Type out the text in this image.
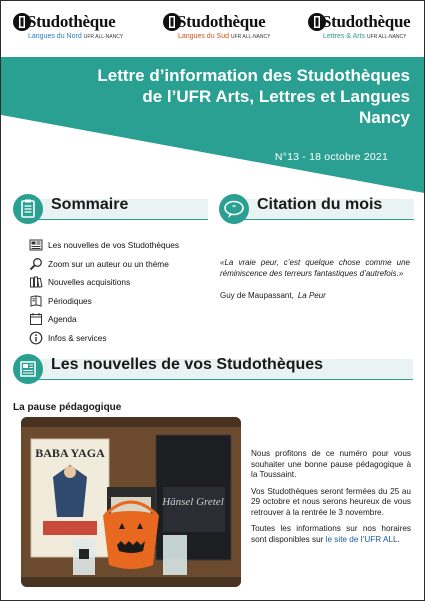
Studothèque
Langues du Nord UFR ALL-NANCY
Studothèque
Langues du Sud UFR ALL-NANCY
Studothèque
Lettres & Arts UFR ALL-NANCY
Lettre d’information des Studothèques
de l’UFR Arts, Lettres et Langues
Nancy
N°13 - 18 octobre 2021
Sommaire	" Citation du mois
Les nouvelles de vos Studothèques
Zoom sur un auteur ou un thème
Nouvelles acquisitions
Périodiques
Agenda
Infos & services
«La vraie peur, c’est quelque chose comme une réminiscence des terreurs fantastiques d’autrefois.»
Guy de Maupassant, La Peur
Les nouvelles de vos Studothèques
La pause pédagogique
BABA YAGA
Hänsel Gretel

Nous profitons de ce numéro pour vous souhaiter une bonne pause pédagogique à la Toussaint.

Vos Studothèques seront fermées du 25 au 29 octobre et nous serons heureux de vous retrouver à la rentrée le 3 novembre.

Toutes les informations sur nos horaires sont disponibles sur le site de l’UFR ALL.
